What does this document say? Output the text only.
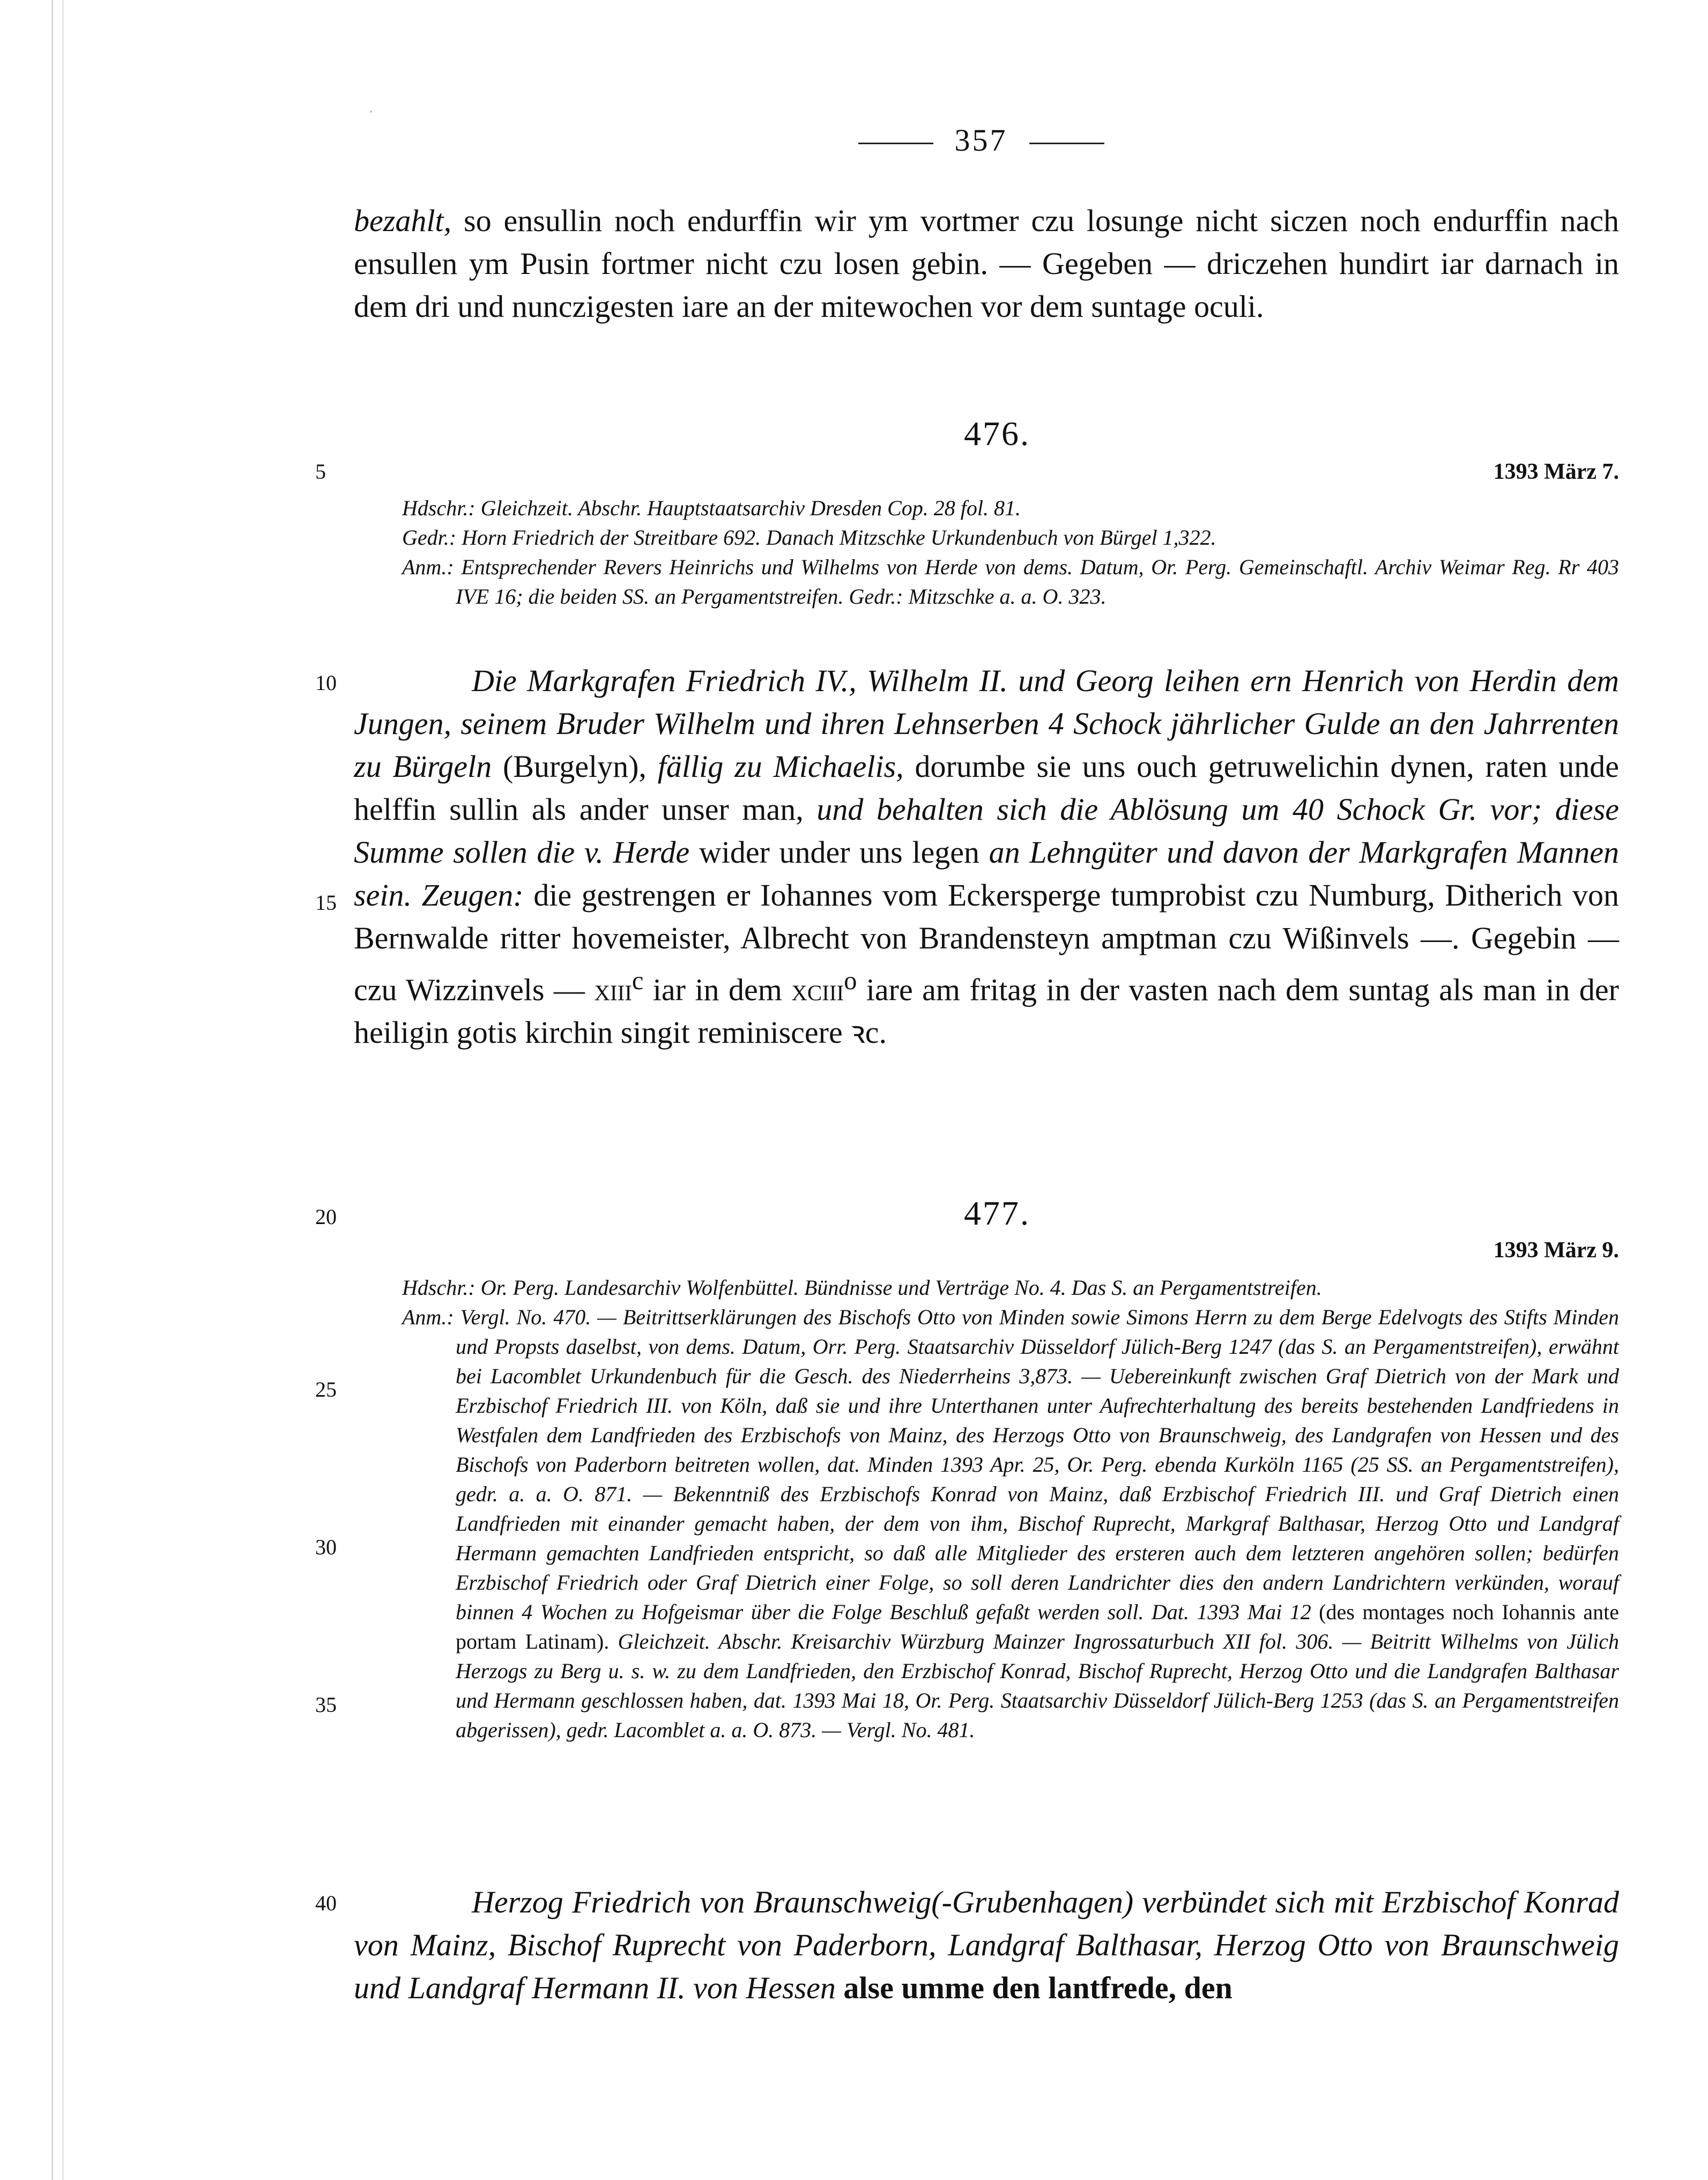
357

bezahlt, so ensullin noch endurffin wir ym vortmer czu losunge nicht siczen noch endurffin nach ensullen ym Pusin fortmer nicht czu losen gebin. — Gegeben — driczehen hundirt iar darnach in dem dri und nunczigesten iare an der mitewochen vor dem suntage oculi.

476.
1393 März 7.

Hdschr.: Gleichzeit. Abschr. Hauptstaatsarchiv Dresden Cop. 28 fol. 81.

Gedr.: Horn Friedrich der Streitbare 692. Danach Mitzschke Urkundenbuch von Bürgel 1,322.

Anm.: Entsprechender Revers Heinrichs und Wilhelms von Herde von dems. Datum, Or. Perg. Gemeinschaftl. Archiv Weimar Reg. Rr 403 IVE 16; die beiden SS. an Pergamentstreifen. Gedr.: Mitzschke a. a. O. 323.

Die Markgrafen Friedrich IV., Wilhelm II. und Georg leihen ern Henrich von Herdin dem Jungen, seinem Bruder Wilhelm und ihren Lehnserben 4 Schock jährlicher Gulde an den Jahrrenten zu Bürgeln (Burgelyn), fällig zu Michaelis, dorumbe sie uns ouch getruwelichin dynen, raten unde helffin sullin als ander unser man, und behalten sich die Ablösung um 40 Schock Gr. vor; diese Summe sollen die v. Herde wider under uns legen an Lehngüter und davon der Markgrafen Mannen sein. Zeugen: die gestrengen er Iohannes vom Eckersperge tumprobist czu Numburg, Ditherich von Bernwalde ritter hovemeister, Albrecht von Brandensteyn amptman czu Wißinvels —. Gegebin — czu Wizzinvels — xiii$^c$ iar in dem xciii$^o$ iare am fritag in der vasten nach dem suntag als man in der heiligin gotis kirchin singit reminiscere ꝛc.

477.
1393 März 9.

Hdschr.: Or. Perg. Landesarchiv Wolfenbüttel. Bündnisse und Verträge No. 4. Das S. an Pergamentstreifen.

Anm.: Vergl. No. 470. — Beitrittserklärungen des Bischofs Otto von Minden sowie Simons Herrn zu dem Berge Edelvogts des Stifts Minden und Propsts daselbst, von dems. Datum, Orr. Perg. Staatsarchiv Düsseldorf Jülich-Berg 1247 (das S. an Pergamentstreifen), erwähnt bei Lacomblet Urkundenbuch für die Gesch. des Niederrheins 3,873. — Uebereinkunft zwischen Graf Dietrich von der Mark und Erzbischof Friedrich III. von Köln, daß sie und ihre Unterthanen unter Aufrechterhaltung des bereits bestehenden Landfriedens in Westfalen dem Landfrieden des Erzbischofs von Mainz, des Herzogs Otto von Braunschweig, des Landgrafen von Hessen und des Bischofs von Paderborn beitreten wollen, dat. Minden 1393 Apr. 25, Or. Perg. ebenda Kurköln 1165 (25 SS. an Pergamentstreifen), gedr. a. a. O. 871. — Bekenntniß des Erzbischofs Konrad von Mainz, daß Erzbischof Friedrich III. und Graf Dietrich einen Landfrieden mit einander gemacht haben, der dem von ihm, Bischof Ruprecht, Markgraf Balthasar, Herzog Otto und Landgraf Hermann gemachten Landfrieden entspricht, so daß alle Mitglieder des ersteren auch dem letzteren angehören sollen; bedürfen Erzbischof Friedrich oder Graf Dietrich einer Folge, so soll deren Landrichter dies den andern Landrichtern verkünden, worauf binnen 4 Wochen zu Hofgeismar über die Folge Beschluß gefaßt werden soll. Dat. 1393 Mai 12 (des montages noch Iohannis ante portam Latinam). Gleichzeit. Abschr. Kreisarchiv Würzburg Mainzer Ingrossaturbuch XII fol. 306. — Beitritt Wilhelms von Jülich Herzogs zu Berg u. s. w. zu dem Landfrieden, den Erzbischof Konrad, Bischof Ruprecht, Herzog Otto und die Landgrafen Balthasar und Hermann geschlossen haben, dat. 1393 Mai 18, Or. Perg. Staatsarchiv Düsseldorf Jülich-Berg 1253 (das S. an Pergamentstreifen abgerissen), gedr. Lacomblet a. a. O. 873. — Vergl. No. 481.

Herzog Friedrich von Braunschweig(-Grubenhagen) verbündet sich mit Erzbischof Konrad von Mainz, Bischof Ruprecht von Paderborn, Landgraf Balthasar, Herzog Otto von Braunschweig und Landgraf Hermann II. von Hessen alse umme den lantfrede, den

5
10
15
20
25
30
35
40
